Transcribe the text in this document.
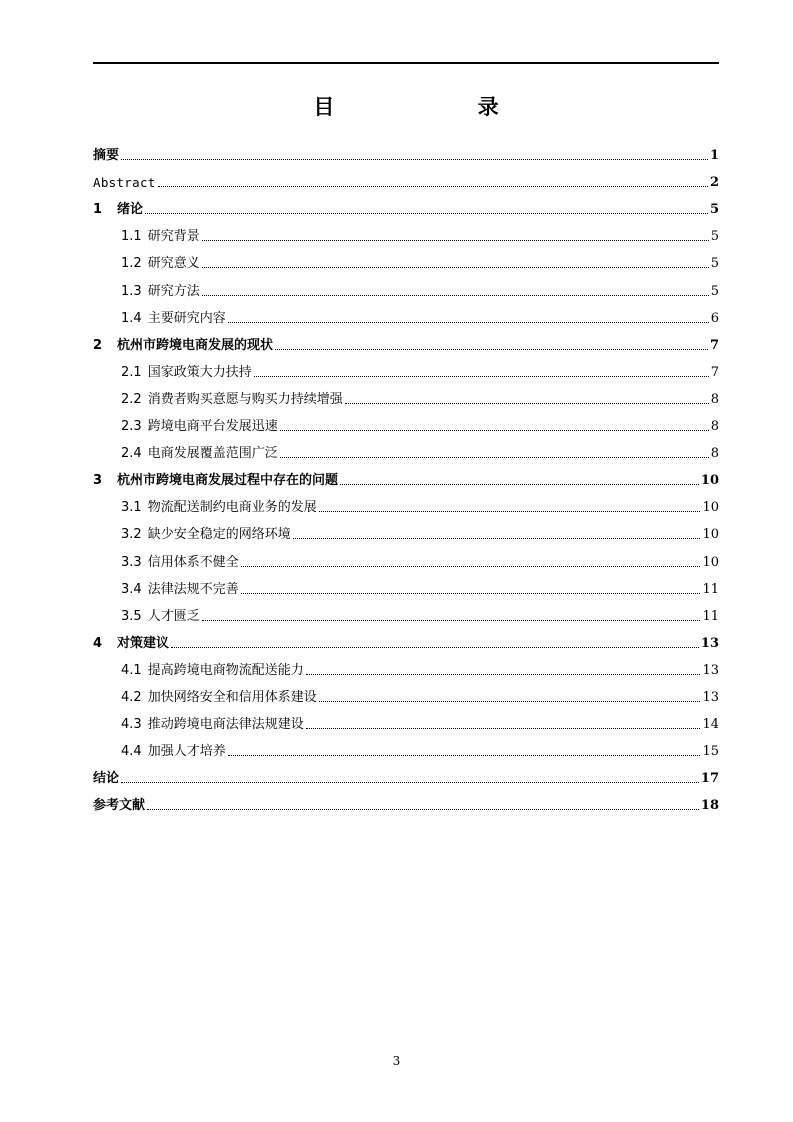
目 录
摘要	1
Abstract	2
1	绪论	5
1.1 研究背景	5
1.2 研究意义	5
1.3 研究方法	5
1.4 主要研究内容	6
2	杭州市跨境电商发展的现状	7
2.1 国家政策大力扶持	7
2.2 消费者购买意愿与购买力持续增强	8
2.3 跨境电商平台发展迅速	8
2.4 电商发展覆盖范围广泛	8
3	杭州市跨境电商发展过程中存在的问题	10
3.1 物流配送制约电商业务的发展	10
3.2 缺少安全稳定的网络环境	10
3.3 信用体系不健全	10
3.4 法律法规不完善	11
3.5 人才匮乏	11
4	对策建议	13
4.1 提高跨境电商物流配送能力	13
4.2 加快网络安全和信用体系建设	13
4.3 推动跨境电商法律法规建设	14
4.4 加强人才培养	15
结论	17
参考文献	18
3
